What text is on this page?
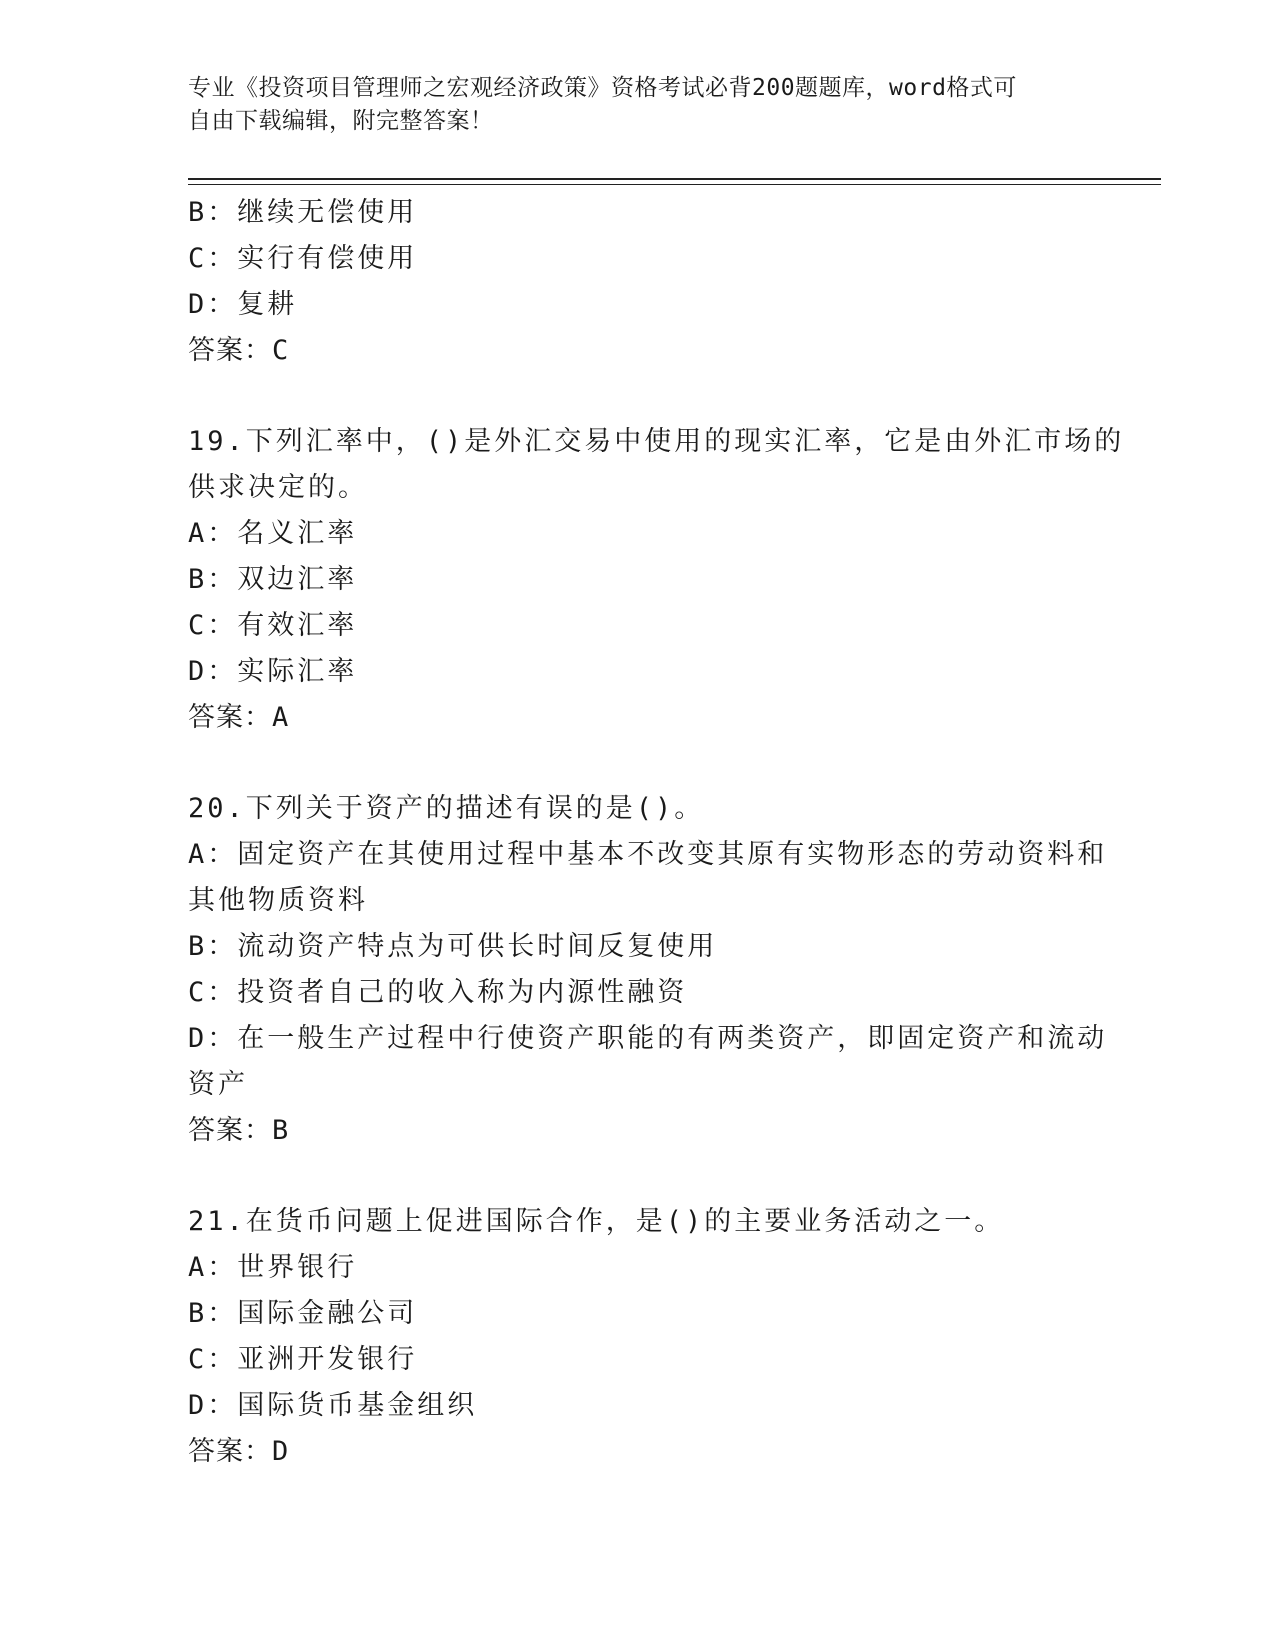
专业《投资项目管理师之宏观经济政策》资格考试必背200题题库，word格式可
自由下载编辑，附完整答案！
B：继续无偿使用
C：实行有偿使用
D：复耕
答案：C
19.下列汇率中，()是外汇交易中使用的现实汇率，它是由外汇市场的
供求决定的。
A：名义汇率
B：双边汇率
C：有效汇率
D：实际汇率
答案：A
20.下列关于资产的描述有误的是()。
A：固定资产在其使用过程中基本不改变其原有实物形态的劳动资料和
其他物质资料
B：流动资产特点为可供长时间反复使用
C：投资者自己的收入称为内源性融资
D：在一般生产过程中行使资产职能的有两类资产，即固定资产和流动
资产
答案：B
21.在货币问题上促进国际合作，是()的主要业务活动之一。
A：世界银行
B：国际金融公司
C：亚洲开发银行
D：国际货币基金组织
答案：D
